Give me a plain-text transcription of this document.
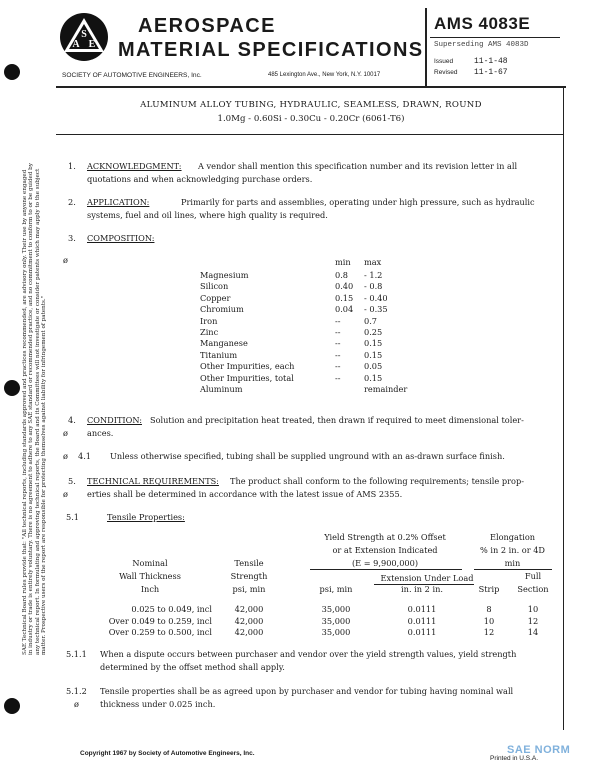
SAE Technical Board rules provide that: "All technical reports, including standards approved and practices recommended, are advisory only. Their use by anyone engaged in industry or trade is entirely voluntary. There is no agreement to adhere to any SAE standard or recommended practice, and no commitment to conform to or be guided by any technical report. In formulating and approving technical reports, the Board and its Committees will not investigate or consider patents which may apply to the subject matter. Prospective users of the report are responsible for protecting themselves against liability for infringement of patents."
S
A E
AEROSPACE
MATERIAL SPECIFICATIONS
SOCIETY OF AUTOMOTIVE ENGINEERS, Inc.	485 Lexington Ave., New York, N.Y. 10017
AMS 4083E
Superseding AMS 4083D
Issued	11-1-48
Revised 11-1-67
ALUMINUM ALLOY TUBING, HYDRAULIC, SEAMLESS, DRAWN, ROUND
1.0Mg - 0.60Si - 0.30Cu - 0.20Cr (6061-T6)
1. ACKNOWLEDGMENT: A vendor shall mention this specification number and its revision letter in all
quotations and when acknowledging purchase orders.
2. APPLICATION:	Primarily for parts and assemblies, operating under high pressure, such as hydraulic
systems, fuel and oil lines, where high quality is required.
3. COMPOSITION:
ø	min max
Magnesium	0.8 - 1.2
Silicon	0.40 - 0.8
Copper	0.15 - 0.40
Chromium	0.04 - 0.35
Iron	--	0.7
Zinc	--	0.25
Manganese	--	0.15
Titanium	--	0.15
Other Impurities, each	--	0.05
Other Impurities, total	--	0.15
Aluminum	remainder
4. CONDITION: Solution and precipitation heat treated, then drawn if required to meet dimensional toler-
ø ances.
ø 4.1 Unless otherwise specified, tubing shall be supplied unground with an as-drawn surface finish.
5. TECHNICAL REQUIREMENTS: The product shall conform to the following requirements; tensile prop-
ø erties shall be determined in accordance with the latest issue of AMS 2355.
5.1	Tensile Properties:
Yield Strength at 0.2% Offset
or at Extension Indicated
(E = 9,900,000)
Elongation
% in 2 in. or 4D
min
Nominal
Wall Thickness
Inch
Tensile
Strength
psi, min
Extension Under Load
psi, min	in. in 2 in.
Full
Strip	Section
0.025 to 0.049, incl	42,000	35,000	0.0111	8	10
Over 0.049 to 0.259, incl	42,000	35,000	0.0111	10	12
Over 0.259 to 0.500, incl	42,000	35,000	0.0111	12	14
5.1.1 When a dispute occurs between purchaser and vendor over the yield strength values, yield strength
determined by the offset method shall apply.
5.1.2 Tensile properties shall be as agreed upon by purchaser and vendor for tubing having nominal wall
ø	thickness under 0.025 inch.
Copyright 1967 by Society of Automotive Engineers, Inc.
Printed in U.S.A.
SAE NORM
